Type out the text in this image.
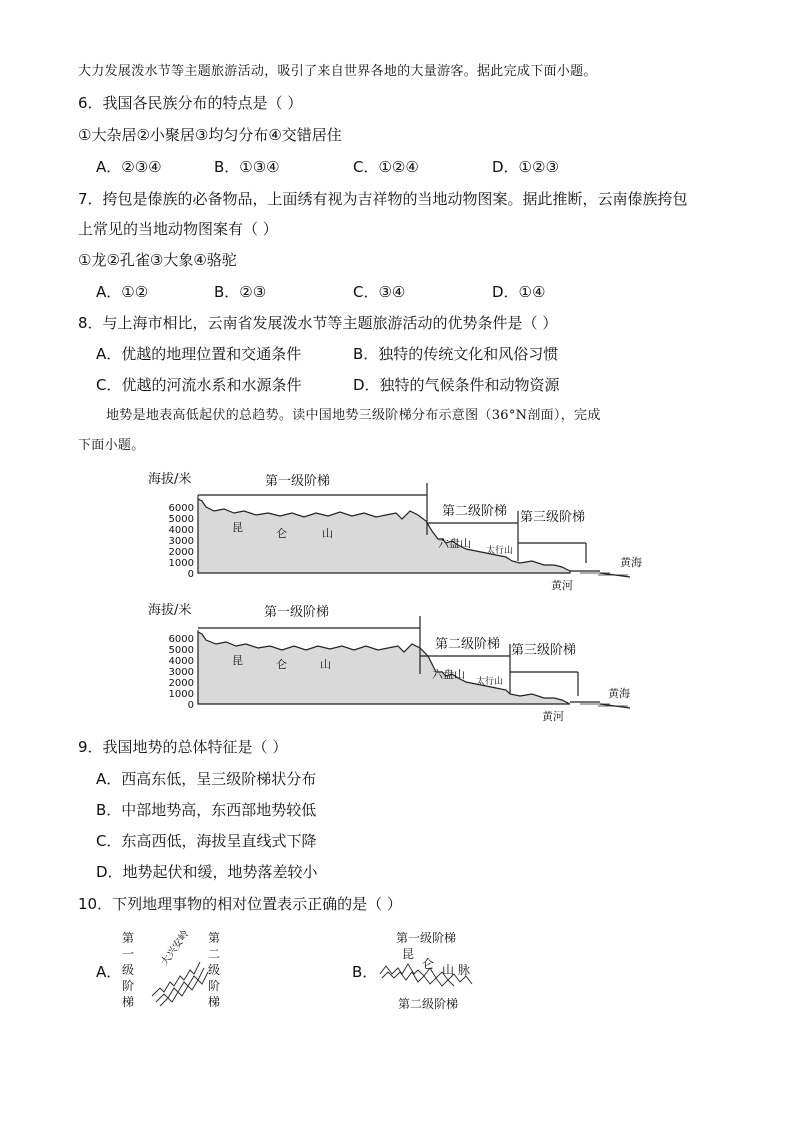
大力发展泼水节等主题旅游活动，吸引了来自世界各地的大量游客。据此完成下面小题。
6．我国各民族分布的特点是（ ）
①大杂居②小聚居③均匀分布④交错居住
A．②③④	B．①③④	C．①②④	D．①②③
7．挎包是傣族的必备物品，上面绣有视为吉祥物的当地动物图案。据此推断，云南傣族挎包
上常见的当地动物图案有（ ）
①龙②孔雀③大象④骆驼
A．①②	B．②③	C．③④	D．①④
8．与上海市相比，云南省发展泼水节等主题旅游活动的优势条件是（ ）
A．优越的地理位置和交通条件	B．独特的传统文化和风俗习惯
C．优越的河流水系和水源条件	D．独特的气候条件和动物资源
地势是地表高低起伏的总趋势。读中国地势三级阶梯分布示意图（36°N剖面），完成
下面小题。
海拔/米
6000
5000
4000
3000
2000
1000
0
第一级阶梯
第二级阶梯 第三级阶梯
昆	仑	山
六盘山
太行山
黄海
黄河
海拔/米
6000
5000
4000
3000
2000
1000
0
第一级阶梯
第二级阶梯 第三级阶梯
昆	仑	山
六盘山
太行山
黄海
黄河
9．我国地势的总体特征是（ ）
A．西高东低，呈三级阶梯状分布
B．中部地势高，东西部地势较低
C．东高西低，海拔呈直线式下降
D．地势起伏和缓，地势落差较小
10．下列地理事物的相对位置表示正确的是（ ）
A．
第
一
级
阶
梯
大兴安岭 第
二
级
阶
梯
B．
第一级阶梯
昆
仑 山 脉
第二级阶梯
